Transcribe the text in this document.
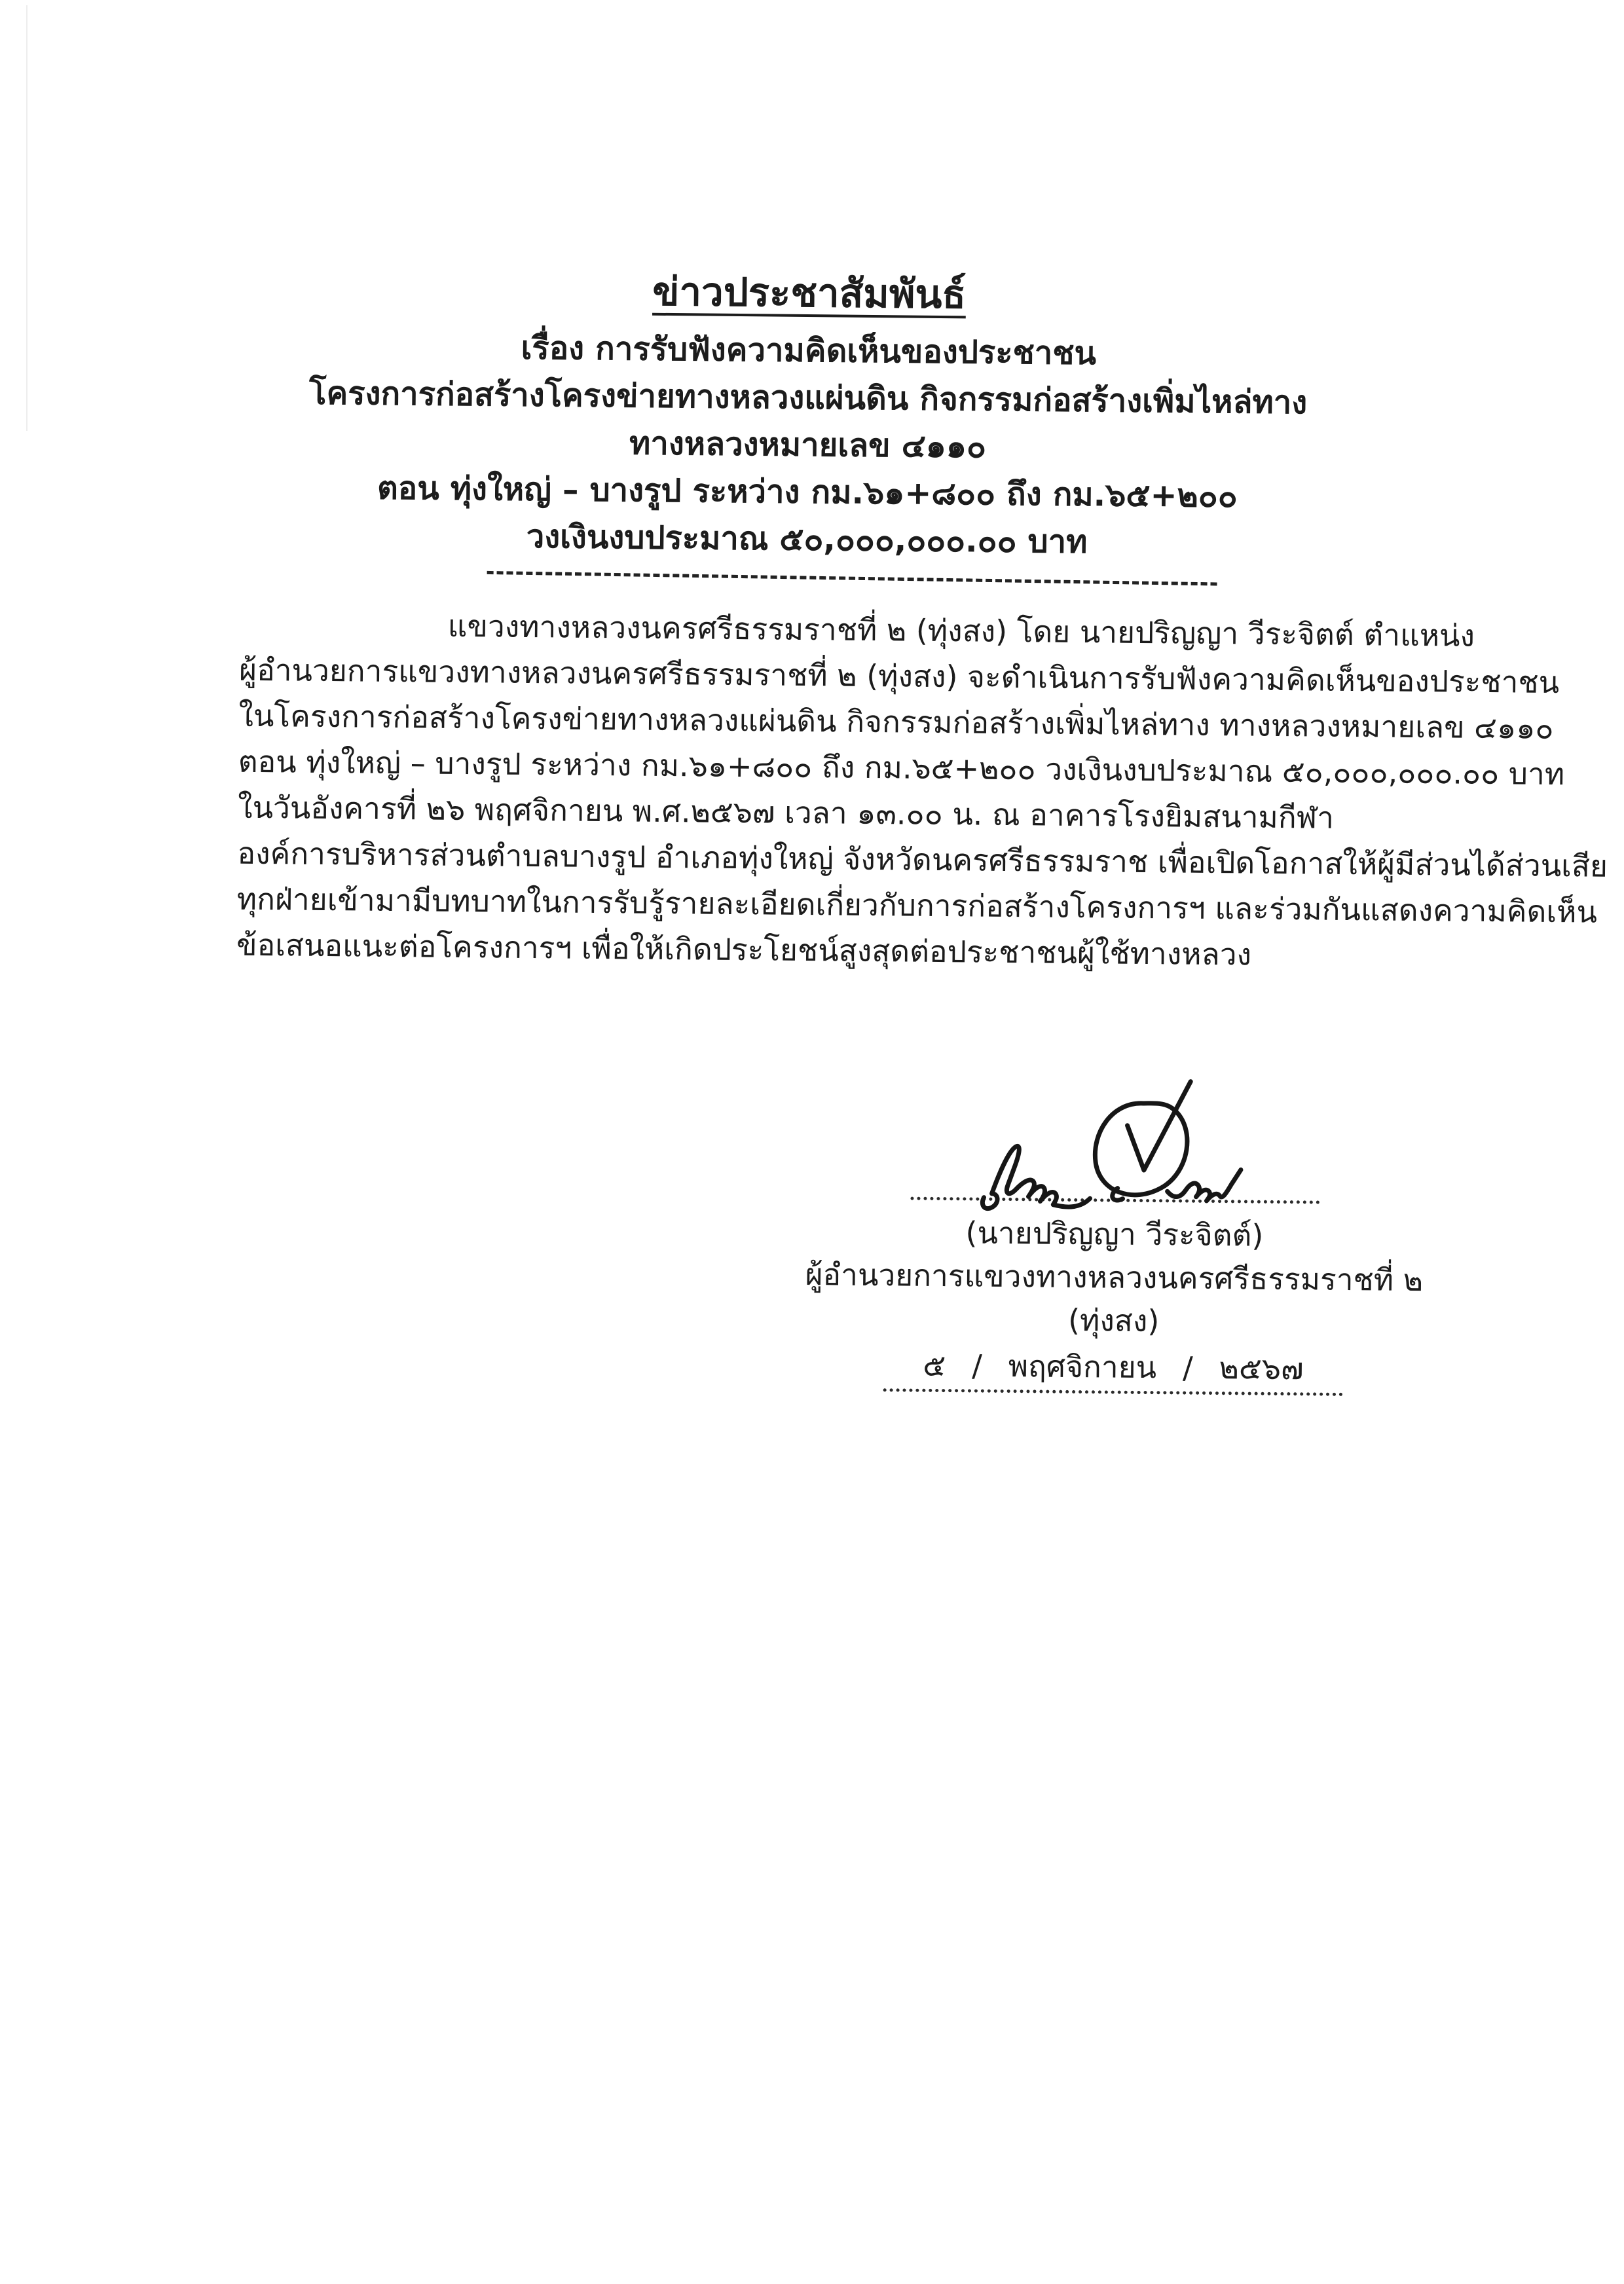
ข่าวประชาสัมพันธ์
เรื่อง การรับฟังความคิดเห็นของประชาชน
โครงการก่อสร้างโครงข่ายทางหลวงแผ่นดิน กิจกรรมก่อสร้างเพิ่มไหล่ทาง
ทางหลวงหมายเลข ๔๑๑๐
ตอน ทุ่งใหญ่ – บางรูป ระหว่าง กม.๖๑+๘๐๐ ถึง กม.๖๕+๒๐๐
วงเงินงบประมาณ ๕๐,๐๐๐,๐๐๐.๐๐ บาท
แขวงทางหลวงนครศรีธรรมราชที่ ๒ (ทุ่งสง) โดย นายปริญญา วีระจิตต์ ตำแหน่ง
ผู้อำนวยการแขวงทางหลวงนครศรีธรรมราชที่ ๒ (ทุ่งสง) จะดำเนินการรับฟังความคิดเห็นของประชาชน
ในโครงการก่อสร้างโครงข่ายทางหลวงแผ่นดิน กิจกรรมก่อสร้างเพิ่มไหล่ทาง ทางหลวงหมายเลข ๔๑๑๐
ตอน ทุ่งใหญ่ – บางรูป ระหว่าง กม.๖๑+๘๐๐ ถึง กม.๖๕+๒๐๐ วงเงินงบประมาณ ๕๐,๐๐๐,๐๐๐.๐๐ บาท
ในวันอังคารที่ ๒๖ พฤศจิกายน พ.ศ.๒๕๖๗ เวลา ๑๓.๐๐ น. ณ อาคารโรงยิมสนามกีฬา
องค์การบริหารส่วนตำบลบางรูป อำเภอทุ่งใหญ่ จังหวัดนครศรีธรรมราช เพื่อเปิดโอกาสให้ผู้มีส่วนได้ส่วนเสีย
ทุกฝ่ายเข้ามามีบทบาทในการรับรู้รายละเอียดเกี่ยวกับการก่อสร้างโครงการฯ และร่วมกันแสดงความคิดเห็น
ข้อเสนอแนะต่อโครงการฯ เพื่อให้เกิดประโยชน์สูงสุดต่อประชาชนผู้ใช้ทางหลวง
(นายปริญญา วีระจิตต์)
ผู้อำนวยการแขวงทางหลวงนครศรีธรรมราชที่ ๒ (ทุ่งสง)
๕ / พฤศจิกายน / ๒๕๖๗
